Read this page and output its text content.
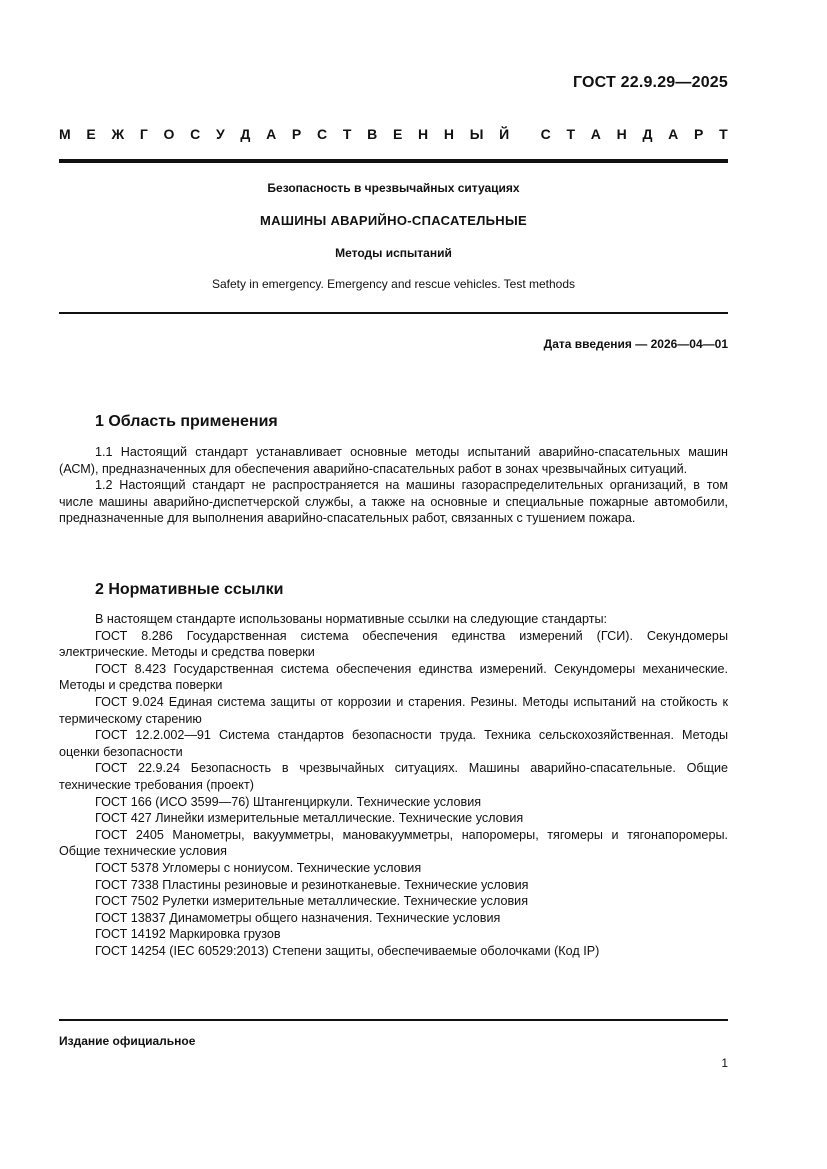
ГОСТ 22.9.29—2025
М Е Ж Г О С У Д А Р С Т В Е Н Н Ы Й С Т А Н Д А Р Т
Безопасность в чрезвычайных ситуациях
МАШИНЫ АВАРИЙНО-СПАСАТЕЛЬНЫЕ
Методы испытаний
Safety in emergency. Emergency and rescue vehicles. Test methods
Дата введения — 2026—04—01
1 Область применения

1.1 Настоящий стандарт устанавливает основные методы испытаний аварийно-спасательных машин (АСМ), предназначенных для обеспечения аварийно-спасательных работ в зонах чрезвычайных ситуаций.

1.2 Настоящий стандарт не распространяется на машины газораспределительных организаций, в том числе машины аварийно-диспетчерской службы, а также на основные и специальные пожарные автомобили, предназначенные для выполнения аварийно-спасательных работ, связанных с тушением пожара.

2 Нормативные ссылки

В настоящем стандарте использованы нормативные ссылки на следующие стандарты:

ГОСТ 8.286 Государственная система обеспечения единства измерений (ГСИ). Секундомеры электрические. Методы и средства поверки

ГОСТ 8.423 Государственная система обеспечения единства измерений. Секундомеры механические. Методы и средства поверки

ГОСТ 9.024 Единая система защиты от коррозии и старения. Резины. Методы испытаний на стойкость к термическому старению

ГОСТ 12.2.002—91 Система стандартов безопасности труда. Техника сельскохозяйственная. Методы оценки безопасности

ГОСТ 22.9.24 Безопасность в чрезвычайных ситуациях. Машины аварийно-спасательные. Общие технические требования (проект)

ГОСТ 166 (ИСО 3599—76) Штангенциркули. Технические условия

ГОСТ 427 Линейки измерительные металлические. Технические условия

ГОСТ 2405 Манометры, вакуумметры, мановакуумметры, напоромеры, тягомеры и тягонапоромеры. Общие технические условия

ГОСТ 5378 Угломеры с нониусом. Технические условия

ГОСТ 7338 Пластины резиновые и резинотканевые. Технические условия

ГОСТ 7502 Рулетки измерительные металлические. Технические условия

ГОСТ 13837 Динамометры общего назначения. Технические условия

ГОСТ 14192 Маркировка грузов

ГОСТ 14254 (IEC 60529:2013) Степени защиты, обеспечиваемые оболочками (Код IP)

Издание официальное
1
